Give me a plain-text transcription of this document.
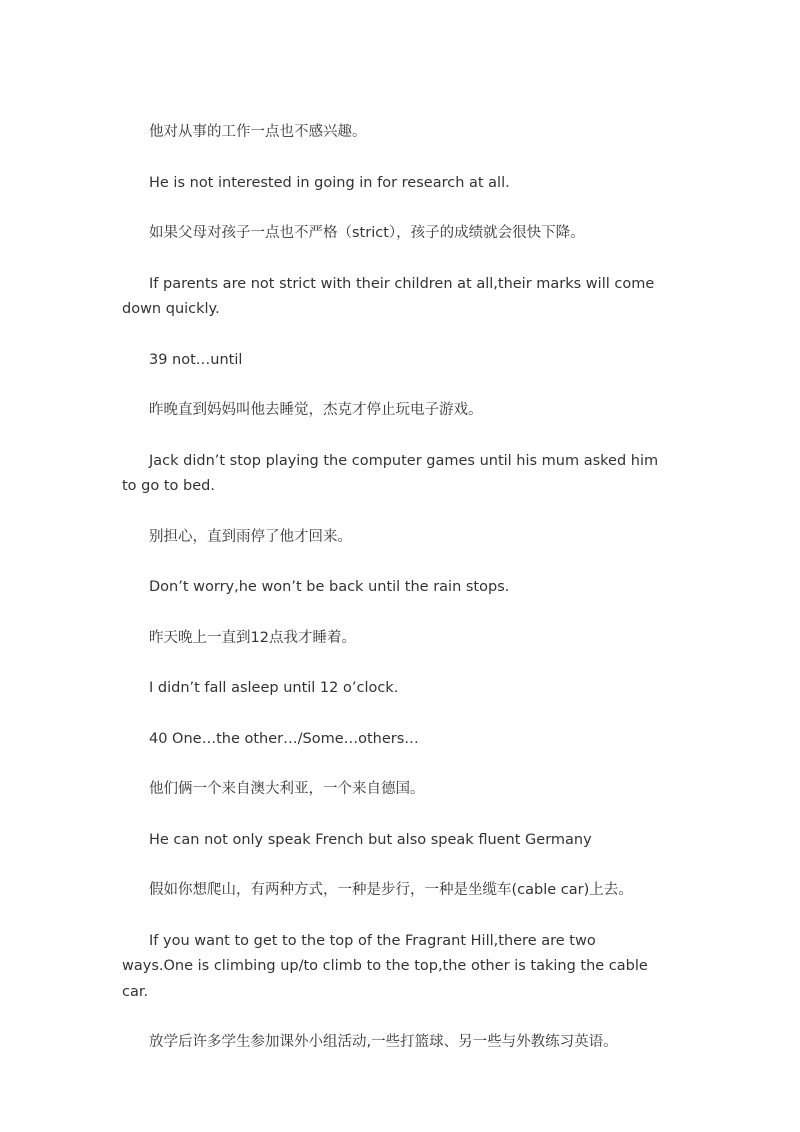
他对从事的工作一点也不感兴趣。

He is not interested in going in for research at all.

如果父母对孩子一点也不严格（strict），孩子的成绩就会很快下降。

If parents are not strict with their children at all,their marks will come down quickly.

39 not…until

昨晚直到妈妈叫他去睡觉，杰克才停止玩电子游戏。

Jack didn’t stop playing the computer games until his mum asked him to go to bed.

别担心，直到雨停了他才回来。

Don’t worry,he won’t be back until the rain stops.

昨天晚上一直到12点我才睡着。

I didn’t fall asleep until 12 o’clock.

40 One…the other…/Some…others…

他们俩一个来自澳大利亚，一个来自德国。

He can not only speak French but also speak fluent Germany

假如你想爬山，有两种方式，一种是步行，一种是坐缆车(cable car)上去。

If you want to get to the top of the Fragrant Hill,there are two ways.One is climbing up/to climb to the top,the other is taking the cable car.

放学后许多学生参加课外小组活动,一些打篮球、另一些与外教练习英语。
